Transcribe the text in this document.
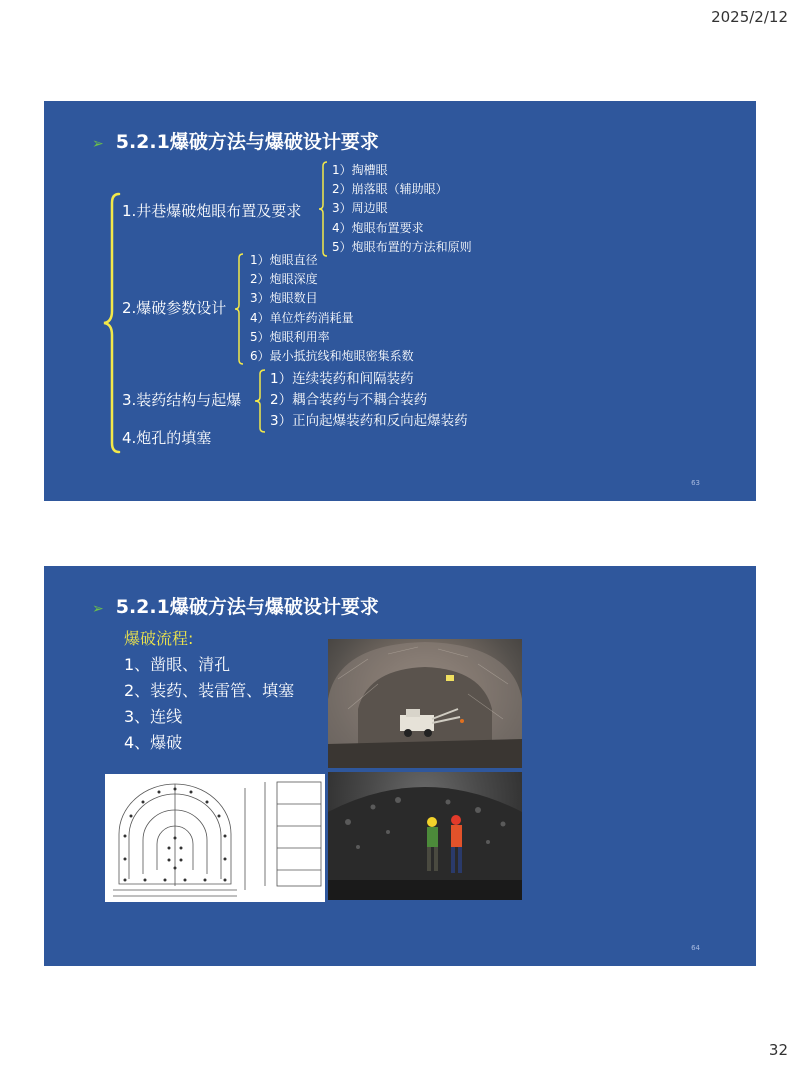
2025/2/12
➢ 5.2.1爆破方法与爆破设计要求
1.井巷爆破炮眼布置及要求
1）掏槽眼
2）崩落眼（辅助眼）
3）周边眼
4）炮眼布置要求
5）炮眼布置的方法和原则
2.爆破参数设计
1）炮眼直径
2）炮眼深度
3）炮眼数目
4）单位炸药消耗量
5）炮眼利用率
6）最小抵抗线和炮眼密集系数
3.装药结构与起爆
1）连续装药和间隔装药
2）耦合装药与不耦合装药
3）正向起爆装药和反向起爆装药
4.炮孔的填塞
63
➢ 5.2.1爆破方法与爆破设计要求
爆破流程:
1、凿眼、清孔
2、装药、装雷管、填塞
3、连线
4、爆破
64
32
